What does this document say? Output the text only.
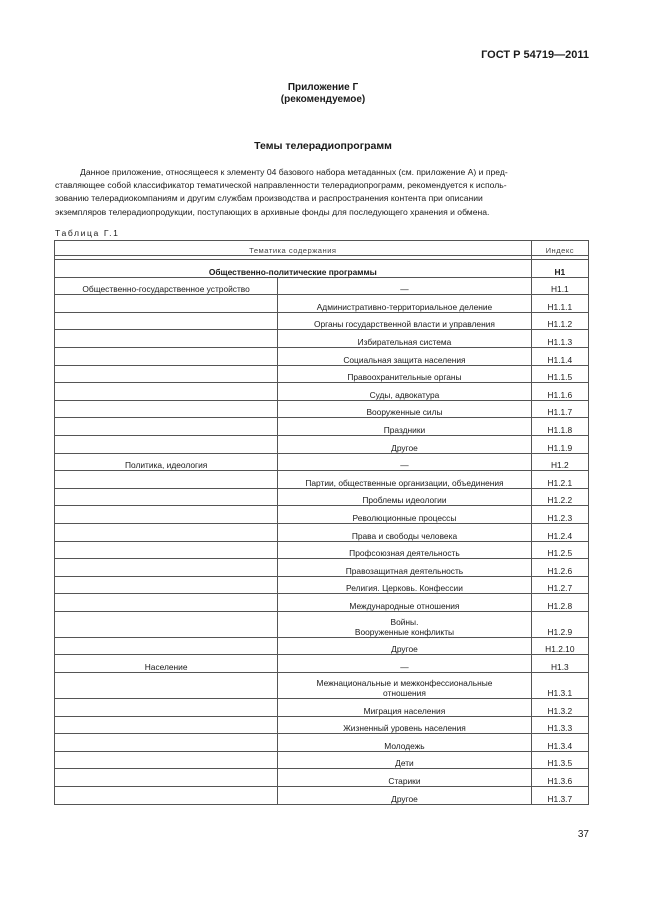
ГОСТ Р 54719—2011
Приложение Г
(рекомендуемое)
Темы телерадиопрограмм
Данное приложение, относящееся к элементу 04 базового набора метаданных (см. приложение А) и пред-
ставляющее собой классификатор тематической направленности телерадиопрограмм, рекомендуется к исполь-
зованию телерадиокомпаниям и другим службам производства и распространения контента при описании
экземпляров телерадиопродукции, поступающих в архивные фонды для последующего хранения и обмена.
Таблица Г.1
Тематика содержания		Индекс

Общественно-политические программы		Н1
Общественно-государственное устройство	—	Н1.1
	Административно-территориальное деление	Н1.1.1
	Органы государственной власти и управления	Н1.1.2
	Избирательная система	Н1.1.3
	Социальная защита населения	Н1.1.4
	Правоохранительные органы	Н1.1.5
	Суды, адвокатура	Н1.1.6
	Вооруженные силы	Н1.1.7
	Праздники	Н1.1.8
	Другое	Н1.1.9
Политика, идеология	—	Н1.2
	Партии, общественные организации, объединения	Н1.2.1
	Проблемы идеологии	Н1.2.2
	Революционные процессы	Н1.2.3
	Права и свободы человека	Н1.2.4
	Профсоюзная деятельность	Н1.2.5
	Правозащитная деятельность	Н1.2.6
	Религия. Церковь. Конфессии	Н1.2.7
	Международные отношения	Н1.2.8

	Войны.
Вооруженные конфликты	Н1.2.9
	Другое	Н1.2.10
Население	—	Н1.3

	Межнациональные и межконфессиональные
отношения	Н1.3.1
	Миграция населения	Н1.3.2
	Жизненный уровень населения	Н1.3.3
	Молодежь	Н1.3.4
	Дети	Н1.3.5
	Старики	Н1.3.6
	Другое	Н1.3.7
37
